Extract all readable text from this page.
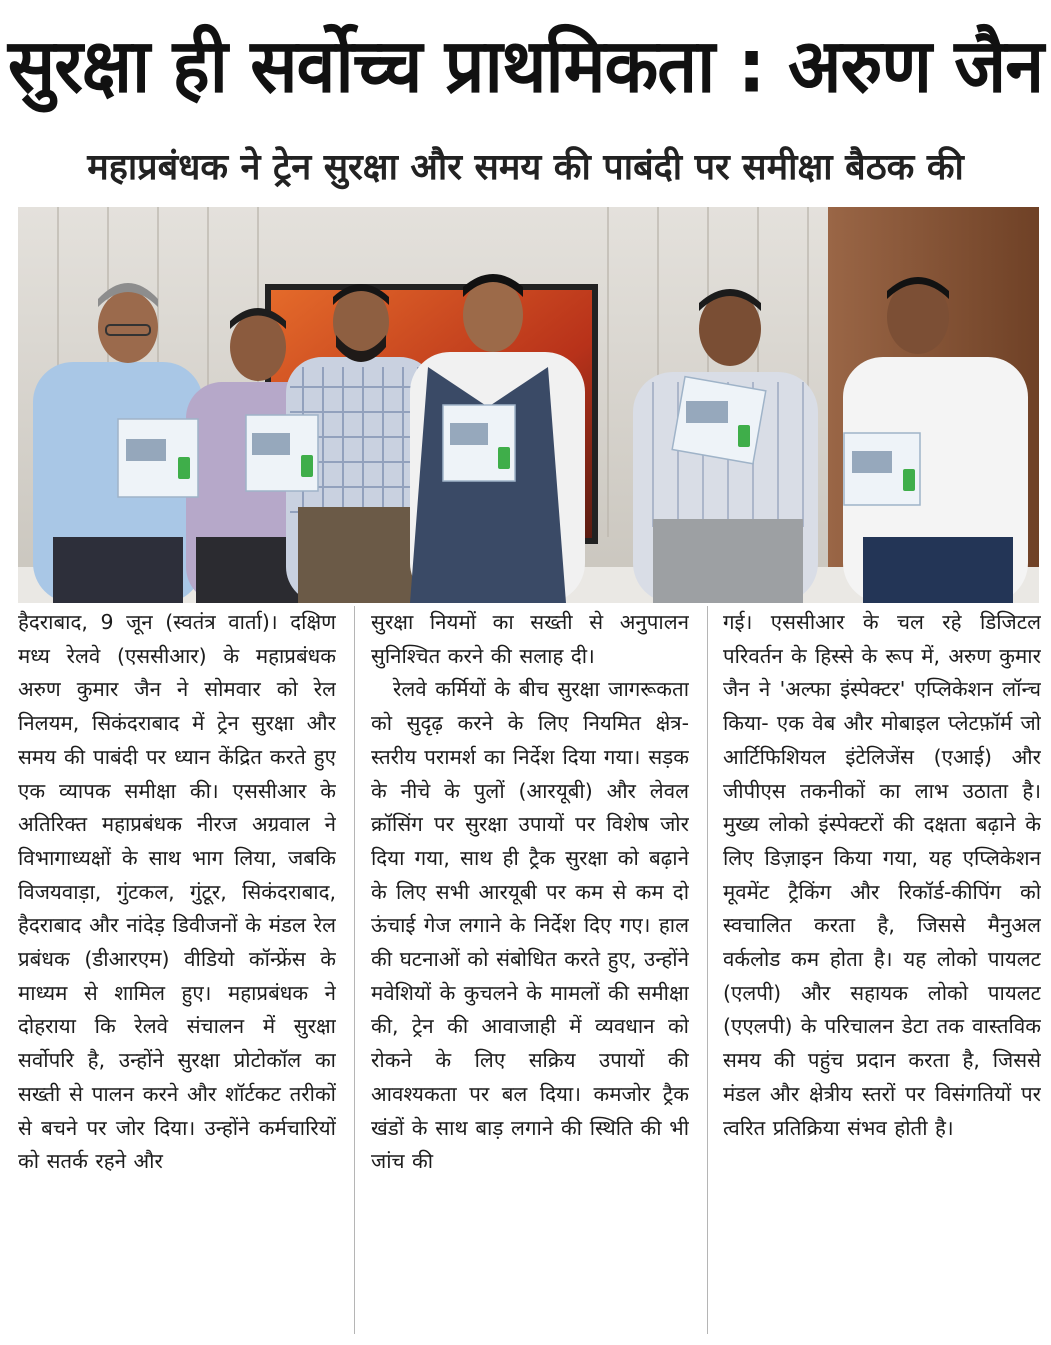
सुरक्षा ही सर्वोच्च प्राथमिकता : अरुण जैन
महाप्रबंधक ने ट्रेन सुरक्षा और समय की पाबंदी पर समीक्षा बैठक की

हैदराबाद, 9 जून (स्वतंत्र वार्ता)। दक्षिण मध्य रेलवे (एससीआर) के महाप्रबंधक अरुण कुमार जैन ने सोमवार को रेल निलयम, सिकंदराबाद में ट्रेन सुरक्षा और समय की पाबंदी पर ध्यान केंद्रित करते हुए एक व्यापक समीक्षा की। एससीआर के अतिरिक्त महाप्रबंधक नीरज अग्रवाल ने विभागाध्यक्षों के साथ भाग लिया, जबकि विजयवाड़ा, गुंटकल, गुंटूर, सिकंदराबाद, हैदराबाद और नांदेड़ डिवीजनों के मंडल रेल प्रबंधक (डीआरएम) वीडियो कॉन्फ्रेंस के माध्यम से शामिल हुए। महाप्रबंधक ने दोहराया कि रेलवे संचालन में सुरक्षा सर्वोपरि है, उन्होंने सुरक्षा प्रोटोकॉल का सख्ती से पालन करने और शॉर्टकट तरीकों से बचने पर जोर दिया। उन्होंने कर्मचारियों को सतर्क रहने और

सुरक्षा नियमों का सख्ती से अनुपालन सुनिश्चित करने की सलाह दी।

रेलवे कर्मियों के बीच सुरक्षा जागरूकता को सुदृढ़ करने के लिए नियमित क्षेत्र-स्तरीय परामर्श का निर्देश दिया गया। सड़क के नीचे के पुलों (आरयूबी) और लेवल क्रॉसिंग पर सुरक्षा उपायों पर विशेष जोर दिया गया, साथ ही ट्रैक सुरक्षा को बढ़ाने के लिए सभी आरयूबी पर कम से कम दो ऊंचाई गेज लगाने के निर्देश दिए गए। हाल की घटनाओं को संबोधित करते हुए, उन्होंने मवेशियों के कुचलने के मामलों की समीक्षा की, ट्रेन की आवाजाही में व्यवधान को रोकने के लिए सक्रिय उपायों की आवश्यकता पर बल दिया। कमजोर ट्रैक खंडों के साथ बाड़ लगाने की स्थिति की भी जांच की

गई। एससीआर के चल रहे डिजिटल परिवर्तन के हिस्से के रूप में, अरुण कुमार जैन ने 'अल्फा इंस्पेक्टर' एप्लिकेशन लॉन्च किया- एक वेब और मोबाइल प्लेटफ़ॉर्म जो आर्टिफिशियल इंटेलिजेंस (एआई) और जीपीएस तकनीकों का लाभ उठाता है। मुख्य लोको इंस्पेक्टरों की दक्षता बढ़ाने के लिए डिज़ाइन किया गया, यह एप्लिकेशन मूवमेंट ट्रैकिंग और रिकॉर्ड-कीपिंग को स्वचालित करता है, जिससे मैनुअल वर्कलोड कम होता है। यह लोको पायलट (एलपी) और सहायक लोको पायलट (एएलपी) के परिचालन डेटा तक वास्तविक समय की पहुंच प्रदान करता है, जिससे मंडल और क्षेत्रीय स्तरों पर विसंगतियों पर त्वरित प्रतिक्रिया संभव होती है।
